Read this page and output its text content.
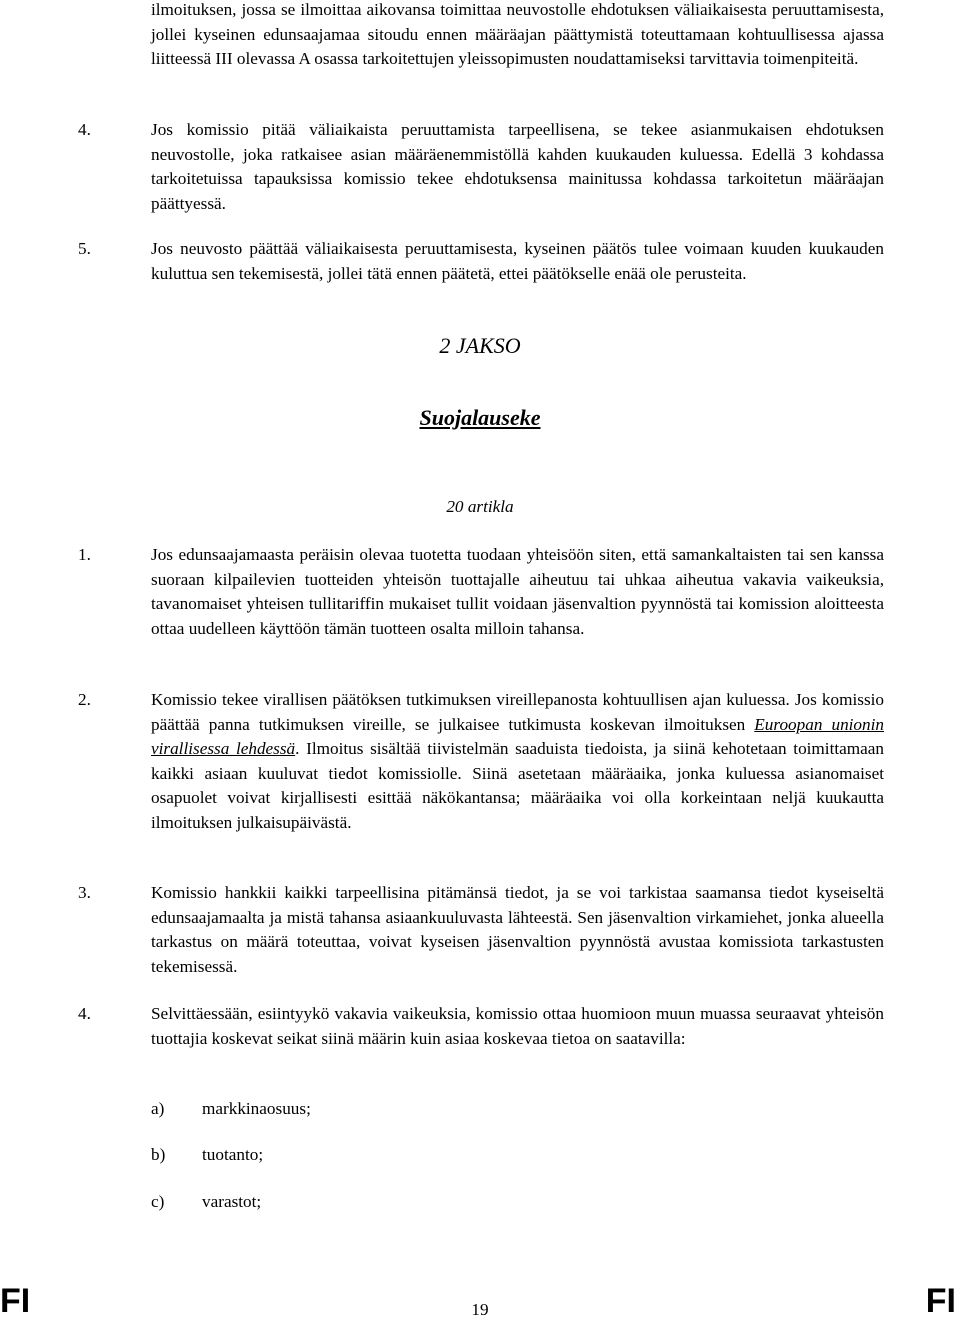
ilmoituksen, jossa se ilmoittaa aikovansa toimittaa neuvostolle ehdotuksen väliaikaisesta peruuttamisesta, jollei kyseinen edunsaajamaa sitoudu ennen määräajan päättymistä toteuttamaan kohtuullisessa ajassa liitteessä III olevassa A osassa tarkoitettujen yleissopimusten noudattamiseksi tarvittavia toimenpiteitä.
4.	Jos komissio pitää väliaikaista peruuttamista tarpeellisena, se tekee asianmukaisen ehdotuksen neuvostolle, joka ratkaisee asian määräenemmistöllä kahden kuukauden kuluessa. Edellä 3 kohdassa tarkoitetuissa tapauksissa komissio tekee ehdotuksensa mainitussa kohdassa tarkoitetun määräajan päättyessä.
5.	Jos neuvosto päättää väliaikaisesta peruuttamisesta, kyseinen päätös tulee voimaan kuuden kuukauden kuluttua sen tekemisestä, jollei tätä ennen päätetä, ettei päätökselle enää ole perusteita.
2 JAKSO
Suojalauseke
20 artikla
1.	Jos edunsaajamaasta peräisin olevaa tuotetta tuodaan yhteisöön siten, että samankaltaisten tai sen kanssa suoraan kilpailevien tuotteiden yhteisön tuottajalle aiheutuu tai uhkaa aiheutua vakavia vaikeuksia, tavanomaiset yhteisen tullitariffin mukaiset tullit voidaan jäsenvaltion pyynnöstä tai komission aloitteesta ottaa uudelleen käyttöön tämän tuotteen osalta milloin tahansa.
2.	Komissio tekee virallisen päätöksen tutkimuksen vireillepanosta kohtuullisen ajan kuluessa. Jos komissio päättää panna tutkimuksen vireille, se julkaisee tutkimusta koskevan ilmoituksen Euroopan unionin virallisessa lehdessä. Ilmoitus sisältää tiivistelmän saaduista tiedoista, ja siinä kehotetaan toimittamaan kaikki asiaan kuuluvat tiedot komissiolle. Siinä asetetaan määräaika, jonka kuluessa asianomaiset osapuolet voivat kirjallisesti esittää näkökantansa; määräaika voi olla korkeintaan neljä kuukautta ilmoituksen julkaisupäivästä.
3.	Komissio hankkii kaikki tarpeellisina pitämänsä tiedot, ja se voi tarkistaa saamansa tiedot kyseiseltä edunsaajamaalta ja mistä tahansa asiaankuuluvasta lähteestä. Sen jäsenvaltion virkamiehet, jonka alueella tarkastus on määrä toteuttaa, voivat kyseisen jäsenvaltion pyynnöstä avustaa komissiota tarkastusten tekemisessä.
4.	Selvittäessään, esiintyykö vakavia vaikeuksia, komissio ottaa huomioon muun muassa seuraavat yhteisön tuottajia koskevat seikat siinä määrin kuin asiaa koskevaa tietoa on saatavilla:
a) markkinaosuus;
b) tuotanto;
c) varastot;
FI	19	FI
